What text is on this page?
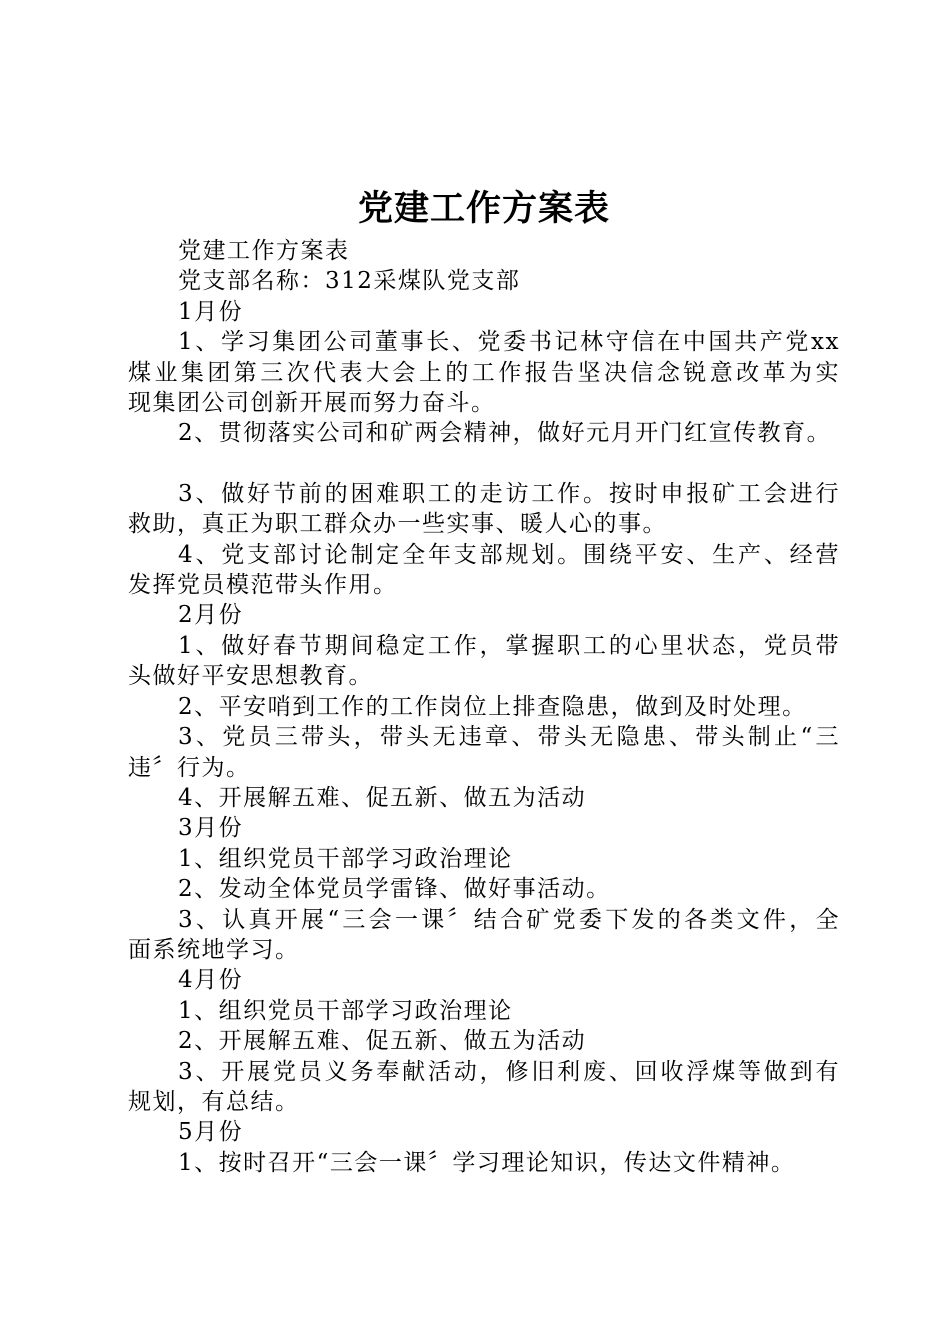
党建工作方案表

党建工作方案表

党支部名称：312采煤队党支部

1月份

1、学习集团公司董事长、党委书记林守信在中国共产党xx
煤业集团第三次代表大会上的工作报告坚决信念锐意改革为实
现集团公司创新开展而努力奋斗。

2、贯彻落实公司和矿两会精神，做好元月开门红宣传教育。

3、做好节前的困难职工的走访工作。按时申报矿工会进行
救助，真正为职工群众办一些实事、暖人心的事。

4、党支部讨论制定全年支部规划。围绕平安、生产、经营
发挥党员模范带头作用。

2月份

1、做好春节期间稳定工作，掌握职工的心里状态，党员带
头做好平安思想教育。

2、平安哨到工作的工作岗位上排查隐患，做到及时处理。

3、党员三带头，带头无违章、带头无隐患、带头制止“三
违〞行为。

4、开展解五难、促五新、做五为活动

3月份

1、组织党员干部学习政治理论

2、发动全体党员学雷锋、做好事活动。

3、认真开展“三会一课〞结合矿党委下发的各类文件，全
面系统地学习。

4月份

1、组织党员干部学习政治理论

2、开展解五难、促五新、做五为活动

3、开展党员义务奉献活动，修旧利废、回收浮煤等做到有
规划，有总结。

5月份

1、按时召开“三会一课〞学习理论知识，传达文件精神。
